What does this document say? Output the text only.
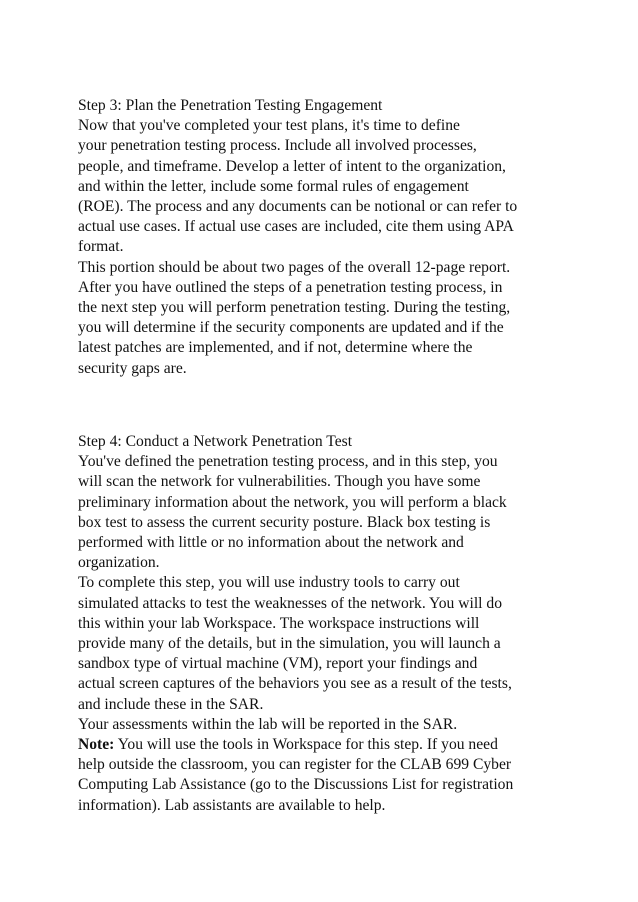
Step 3: Plan the Penetration Testing Engagement
Now that you've completed your test plans, it's time to define
your penetration testing process. Include all involved processes,
people, and timeframe. Develop a letter of intent to the organization,
and within the letter, include some formal rules of engagement
(ROE). The process and any documents can be notional or can refer to
actual use cases. If actual use cases are included, cite them using APA
format.
This portion should be about two pages of the overall 12-page report.
After you have outlined the steps of a penetration testing process, in
the next step you will perform penetration testing. During the testing,
you will determine if the security components are updated and if the
latest patches are implemented, and if not, determine where the
security gaps are.
Step 4: Conduct a Network Penetration Test
You've defined the penetration testing process, and in this step, you
will scan the network for vulnerabilities. Though you have some
preliminary information about the network, you will perform a black
box test to assess the current security posture. Black box testing is
performed with little or no information about the network and
organization.
To complete this step, you will use industry tools to carry out
simulated attacks to test the weaknesses of the network. You will do
this within your lab Workspace. The workspace instructions will
provide many of the details, but in the simulation, you will launch a
sandbox type of virtual machine (VM), report your findings and
actual screen captures of the behaviors you see as a result of the tests,
and include these in the SAR.
Your assessments within the lab will be reported in the SAR.
Note: You will use the tools in Workspace for this step. If you need
help outside the classroom, you can register for the CLAB 699 Cyber
Computing Lab Assistance (go to the Discussions List for registration
information). Lab assistants are available to help.
